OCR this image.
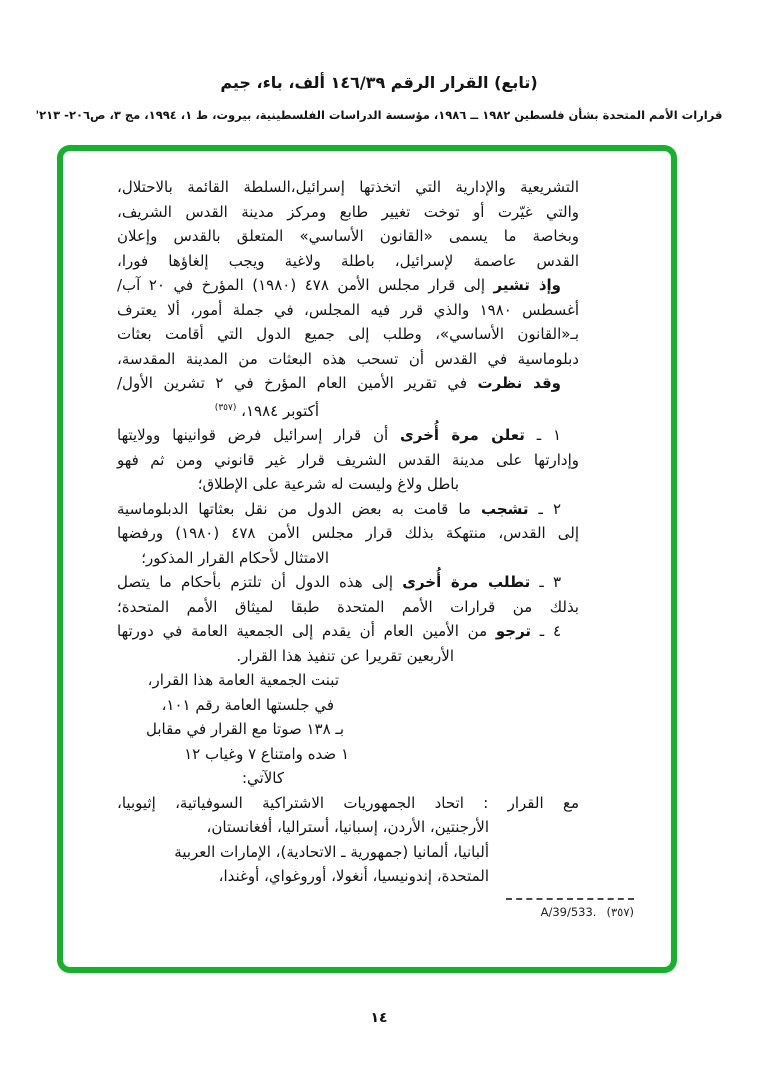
(تابع) القرار الرقم ١٤٦/٣٩ ألف، باء، جيم
قرارات الأمم المتحدة بشأن فلسطين ١٩٨٢ ــ ١٩٨٦، مؤسسة الدراسات الفلسطينية، بيروت، ط ١، ١٩٩٤، مج ٣، ص٢٠٦- ٢١٣'
التشريعية والإدارية التي اتخذتها إسرائيل،السلطة القائمة بالاحتلال،
والتي غيّرت أو توخت تغيير طابع ومركز مدينة القدس الشريف،
وبخاصة ما يسمى «القانون الأساسي» المتعلق بالقدس وإعلان
القدس عاصمة لإسرائيل، باطلة ولاغية ويجب إلغاؤها فورا،
وإذ تشير إلى قرار مجلس الأمن ٤٧٨ (١٩٨٠) المؤرخ في ٢٠ آب/
أغسطس ١٩٨٠ والذي قرر فيه المجلس، في جملة أمور، ألا يعترف
بـ«القانون الأساسي»، وطلب إلى جميع الدول التي أقامت بعثات
دبلوماسية في القدس أن تسحب هذه البعثات من المدينة المقدسة،
وقد نظرت في تقرير الأمين العام المؤرخ في ٢ تشرين الأول/
أكتوبر ١٩٨٤، $^{(٣٥٧)}$
١ ـ تعلن مرة أُخرى أن قرار إسرائيل فرض قوانينها وولايتها
وإدارتها على مدينة القدس الشريف قرار غير قانوني ومن ثم فهو
باطل ولاغ وليست له شرعية على الإطلاق؛
٢ ـ تشجب ما قامت به بعض الدول من نقل بعثاتها الدبلوماسية
إلى القدس، منتهكة بذلك قرار مجلس الأمن ٤٧٨ (١٩٨٠) ورفضها
الامتثال لأحكام القرار المذكور؛
٣ ـ تطلب مرة أُخرى إلى هذه الدول أن تلتزم بأحكام ما يتصل
بذلك من قرارات الأمم المتحدة طبقا لميثاق الأمم المتحدة؛
٤ ـ ترجو من الأمين العام أن يقدم إلى الجمعية العامة في دورتها
الأربعين تقريرا عن تنفيذ هذا القرار.
تبنت الجمعية العامة هذا القرار،
في جلستها العامة رقم ١٠١،
بـ ١٣٨ صوتا مع القرار في مقابل
١ ضده وامتناع ٧ وغياب ١٢
كالآتي:
مع القرار : اتحاد الجمهوريات الاشتراكية السوفياتية، إثيوبيا،
الأرجنتين، الأردن، إسبانيا، أستراليا، أفغانستان،
ألبانيا، ألمانيا (جمهورية ـ الاتحادية)، الإمارات العربية
المتحدة، إندونيسيا، أنغولا، أوروغواي، أوغندا،
(٣٥٧)
A/39/533.
١٤
